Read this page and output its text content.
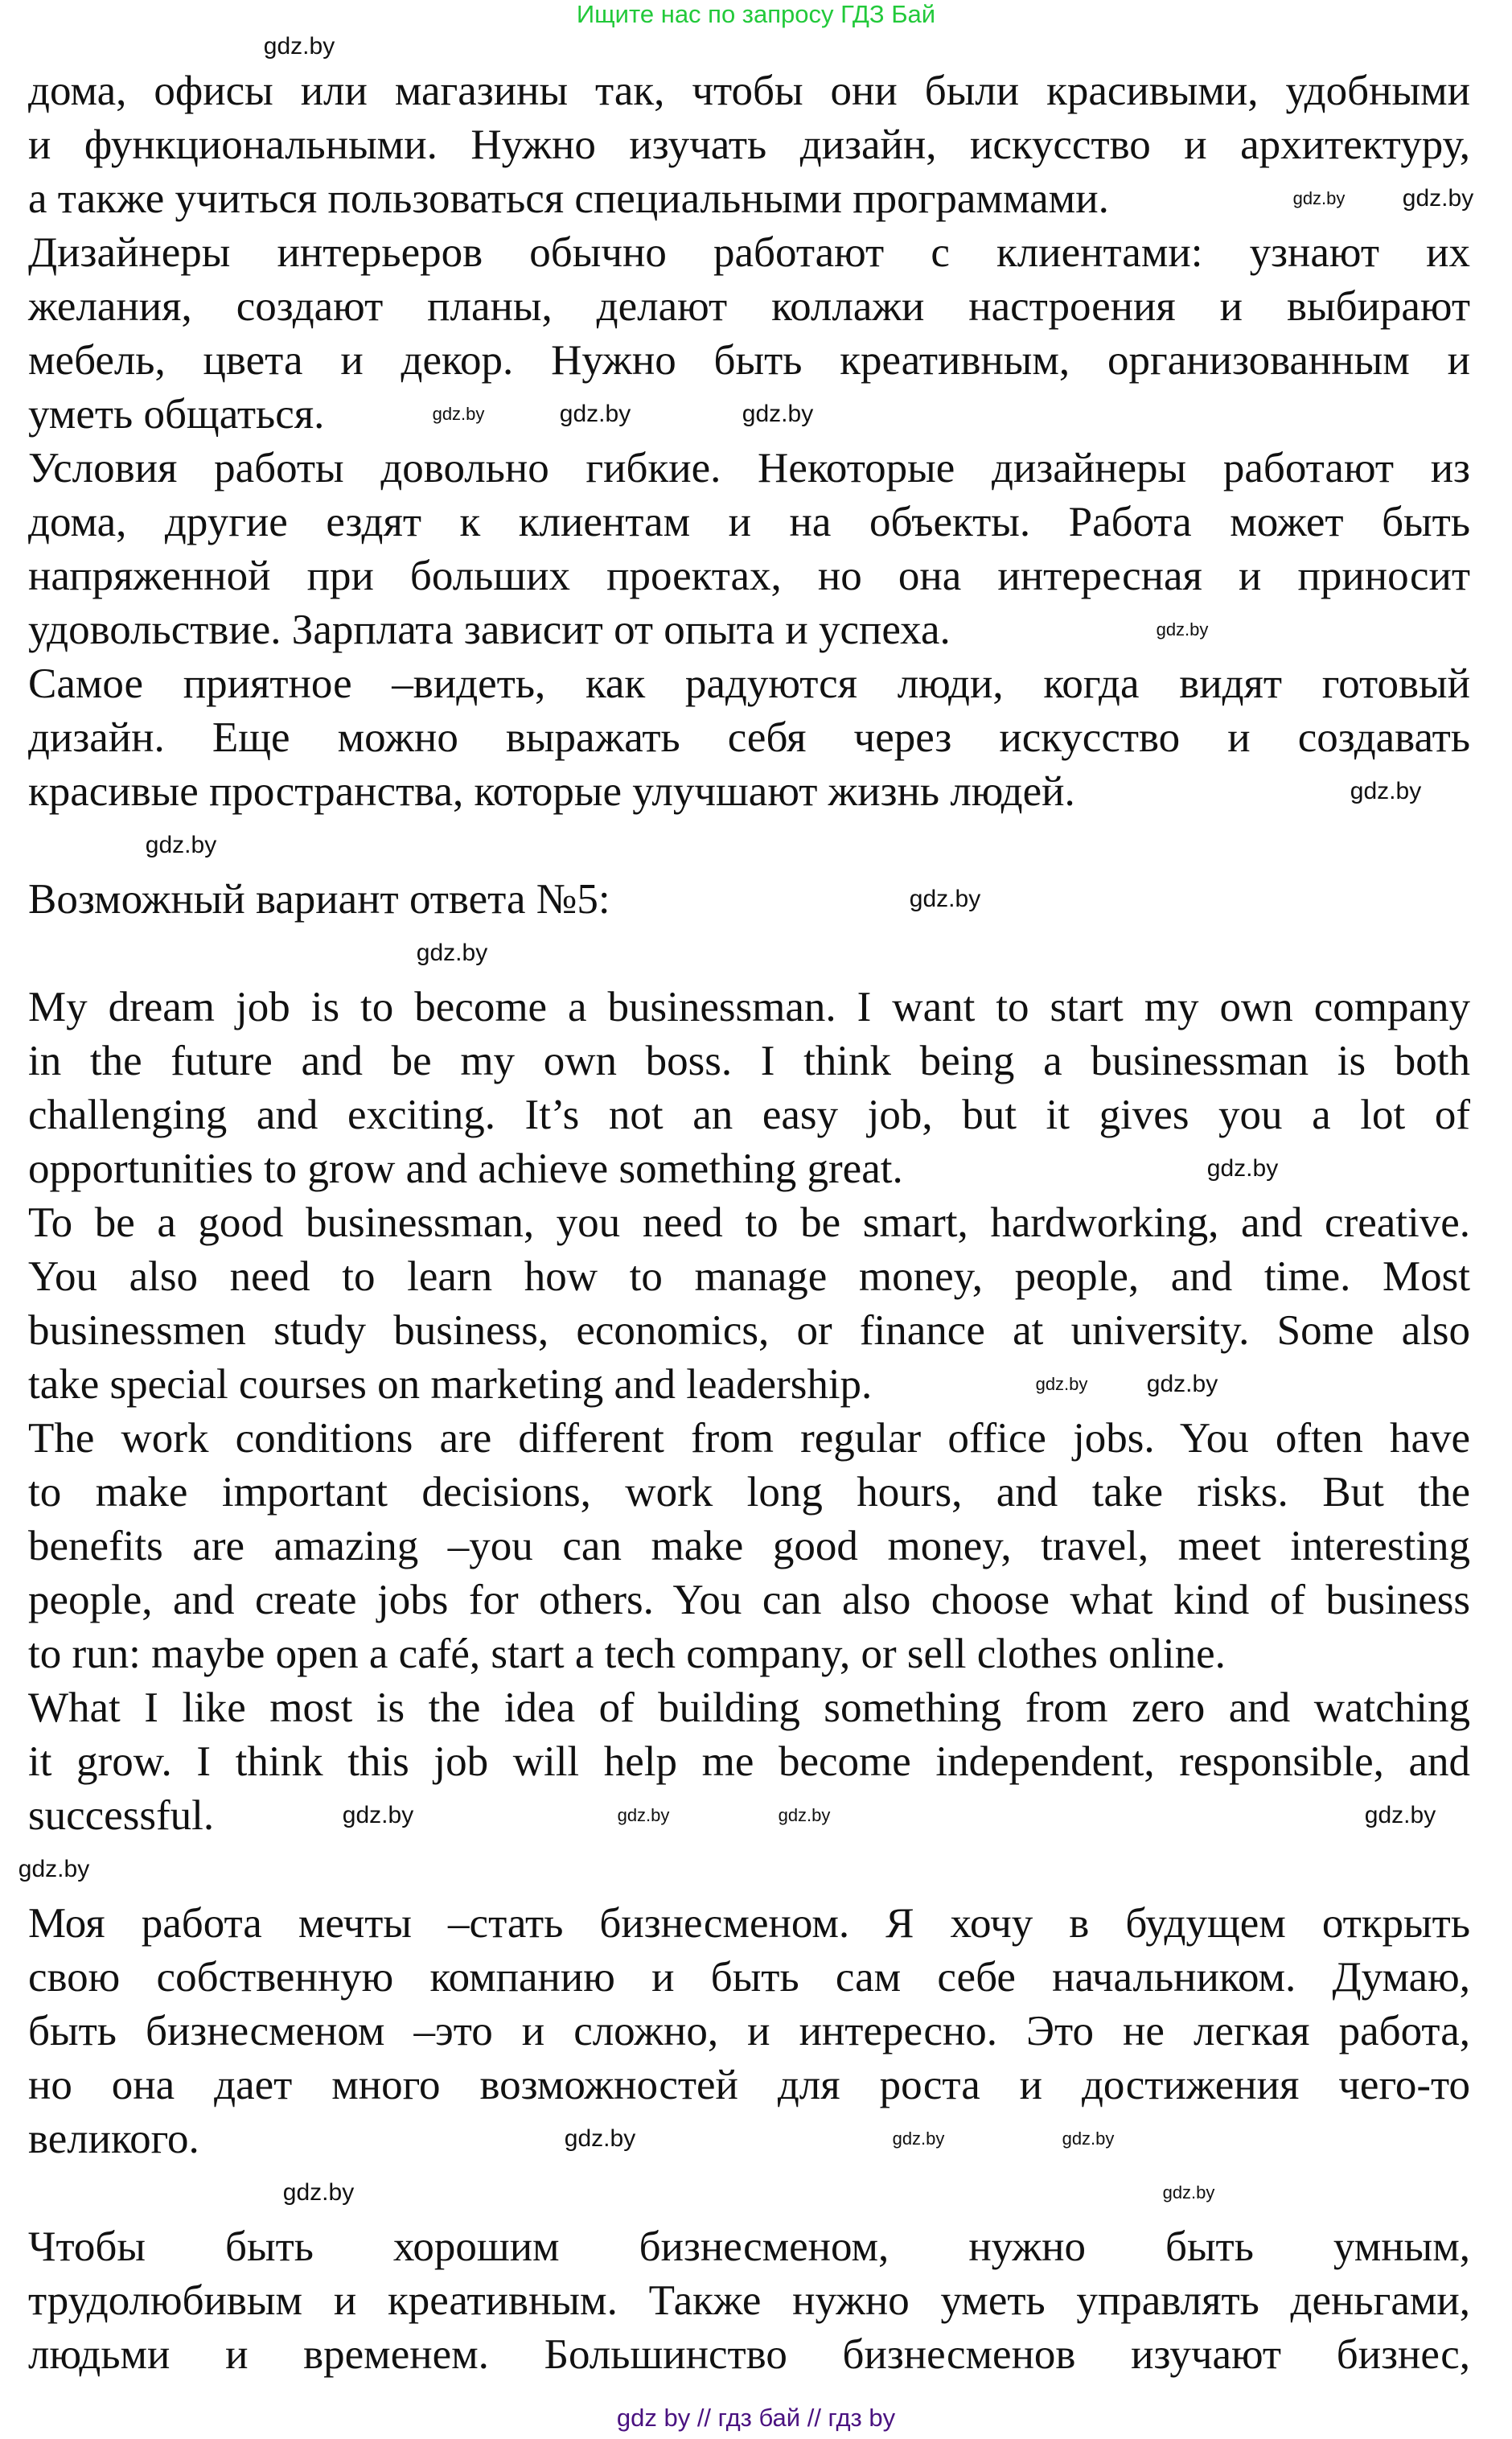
Ищите нас по запросу ГДЗ Бай
дома, офисы или магазины так, чтобы они были красивыми, удобными
и функциональными. Нужно изучать дизайн, искусство и архитектуру,
а также учиться пользоваться специальными программами.
Дизайнеры интерьеров обычно работают с клиентами: узнают их
желания, создают планы, делают коллажи настроения и выбирают
мебель, цвета и декор. Нужно быть креативным, организованным и
уметь общаться.
Условия работы довольно гибкие. Некоторые дизайнеры работают из
дома, другие ездят к клиентам и на объекты. Работа может быть
напряженной при больших проектах, но она интересная и приносит
удовольствие. Зарплата зависит от опыта и успеха.
Самое приятное –видеть, как радуются люди, когда видят готовый
дизайн. Еще можно выражать себя через искусство и создавать
красивые пространства, которые улучшают жизнь людей.
Возможный вариант ответа №5:
My dream job is to become a businessman. I want to start my own company
in the future and be my own boss. I think being a businessman is both
challenging and exciting. It’s not an easy job, but it gives you a lot of
opportunities to grow and achieve something great.
To be a good businessman, you need to be smart, hardworking, and creative.
You also need to learn how to manage money, people, and time. Most
businessmen study business, economics, or finance at university. Some also
take special courses on marketing and leadership.
The work conditions are different from regular office jobs. You often have
to make important decisions, work long hours, and take risks. But the
benefits are amazing –you can make good money, travel, meet interesting
people, and create jobs for others. You can also choose what kind of business
to run: maybe open a café, start a tech company, or sell clothes online.
What I like most is the idea of building something from zero and watching
it grow. I think this job will help me become independent, responsible, and
successful.
Моя работа мечты –стать бизнесменом. Я хочу в будущем открыть
свою собственную компанию и быть сам себе начальником. Думаю,
быть бизнесменом –это и сложно, и интересно. Это не легкая работа,
но она дает много возможностей для роста и достижения чего-то
великого.
Чтобы быть хорошим бизнесменом, нужно быть умным,
трудолюбивым и креативным. Также нужно уметь управлять деньгами,
людьми и временем. Большинство бизнесменов изучают бизнес,
gdz.by
gdz.by gdz.by
gdz.by	gdz.by
gdz.by
gdz.by
gdz.by
gdz.by
gdz.by
gdz.by
gdz.by
gdz.by gdz.by
gdz.by	gdz.by	gdz.by
gdz.by
gdz.by
gdz.by	gdz.by
gdz.by
gdz.by	gdz.by
gdz by // гдз бай // гдз by
